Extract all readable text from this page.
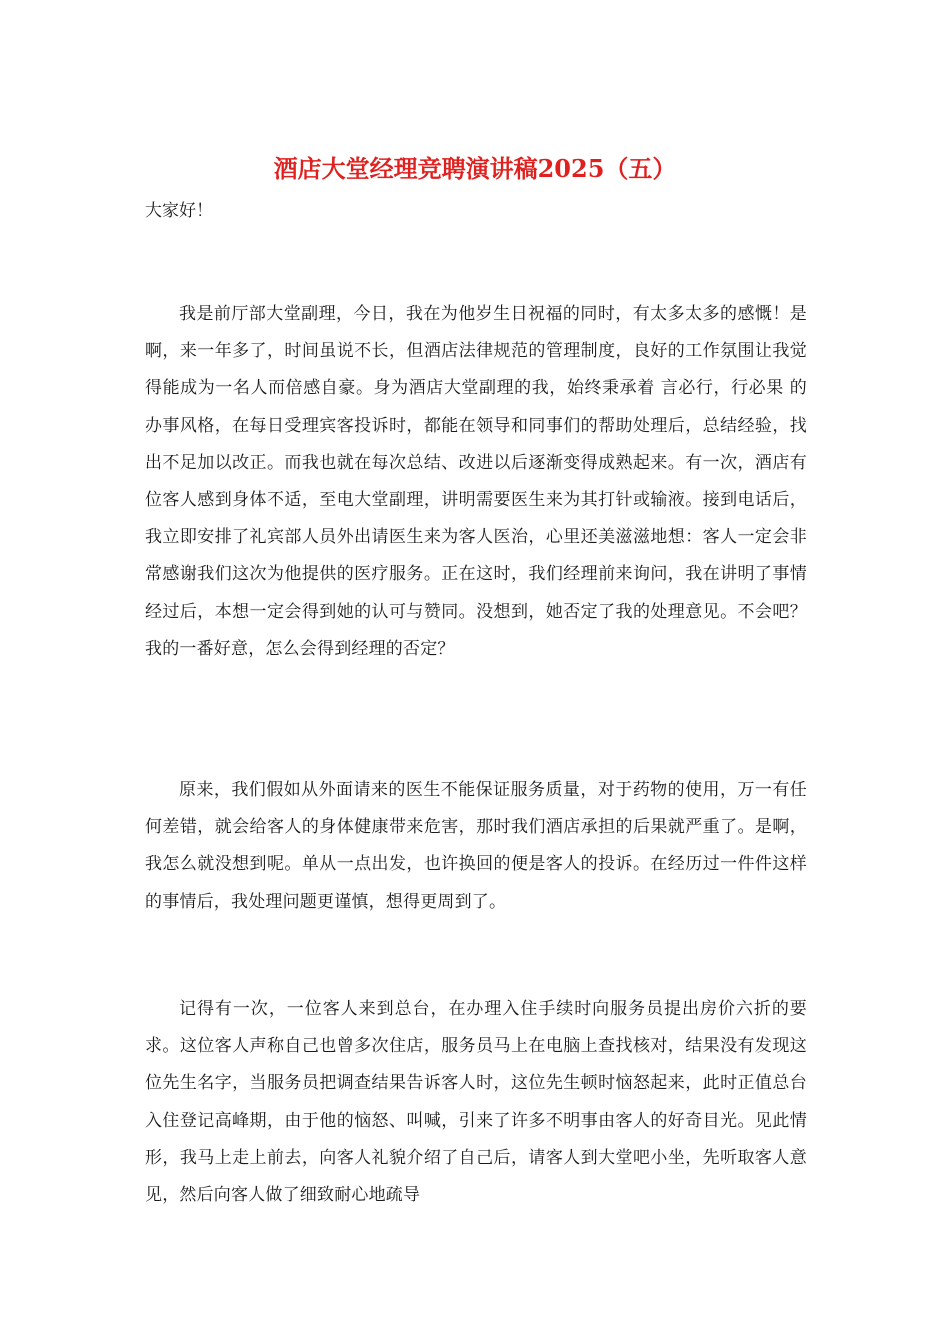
酒店大堂经理竞聘演讲稿2025（五）

大家好！

我是前厅部大堂副理，今日，我在为他岁生日祝福的同时，有太多太多的感慨！是啊，来一年多了，时间虽说不长，但酒店法律规范的管理制度，良好的工作氛围让我觉得能成为一名人而倍感自豪。身为酒店大堂副理的我，始终秉承着 言必行，行必果 的办事风格，在每日受理宾客投诉时，都能在领导和同事们的帮助处理后，总结经验，找出不足加以改正。而我也就在每次总结、改进以后逐渐变得成熟起来。有一次，酒店有位客人感到身体不适，至电大堂副理，讲明需要医生来为其打针或输液。接到电话后，我立即安排了礼宾部人员外出请医生来为客人医治，心里还美滋滋地想：客人一定会非常感谢我们这次为他提供的医疗服务。正在这时，我们经理前来询问，我在讲明了事情经过后，本想一定会得到她的认可与赞同。没想到，她否定了我的处理意见。不会吧？我的一番好意，怎么会得到经理的否定？

原来，我们假如从外面请来的医生不能保证服务质量，对于药物的使用，万一有任何差错，就会给客人的身体健康带来危害，那时我们酒店承担的后果就严重了。是啊，我怎么就没想到呢。单从一点出发，也许换回的便是客人的投诉。在经历过一件件这样的事情后，我处理问题更谨慎，想得更周到了。

记得有一次，一位客人来到总台，在办理入住手续时向服务员提出房价六折的要求。这位客人声称自己也曾多次住店，服务员马上在电脑上查找核对，结果没有发现这位先生名字，当服务员把调查结果告诉客人时，这位先生顿时恼怒起来，此时正值总台入住登记高峰期，由于他的恼怒、叫喊，引来了许多不明事由客人的好奇目光。见此情形，我马上走上前去，向客人礼貌介绍了自己后，请客人到大堂吧小坐，先听取客人意见，然后向客人做了细致耐心地疏导
